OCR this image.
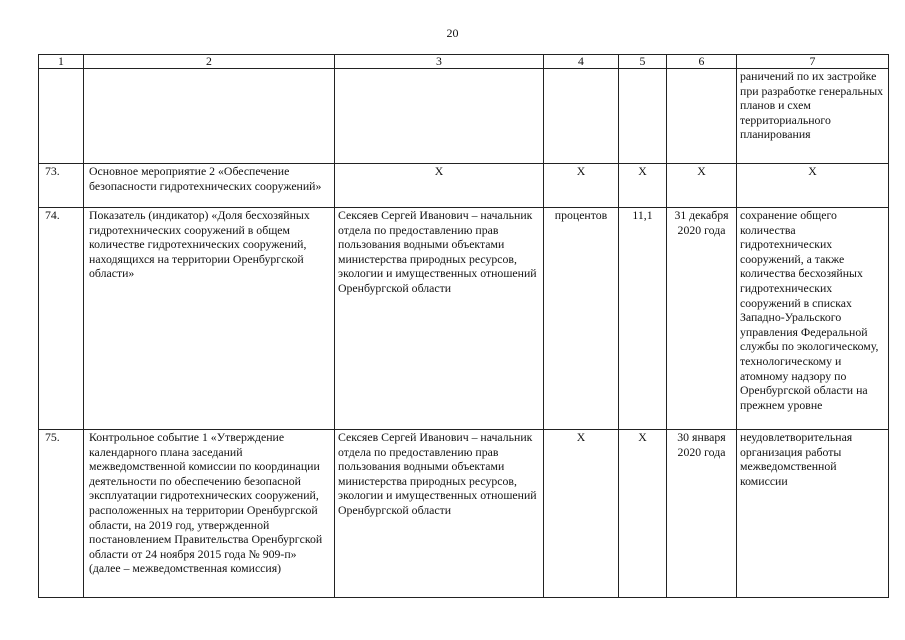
20
1	2	3	4	5	6	7
						раничений по их застройке при разработке генеральных планов и схем территориального планирования
73.	Основное мероприятие 2 «Обеспечение безопасности гидротехнических сооружений»	Х	Х	Х	Х	Х
74.	Показатель (индикатор) «Доля бесхозяйных гидротехнических сооружений в общем количестве гидротехнических сооружений, находящихся на территории Оренбургской области»	Сексяев Сергей Иванович – начальник отдела по предоставлению прав пользования водными объектами министерства природных ресурсов, экологии и имущественных отношений Оренбургской области	процентов	11,1	31 декабря 2020 года	сохранение общего количества гидротехнических сооружений, а также количества бесхозяйных гидротехнических сооружений в списках Западно-Уральского управления Федеральной службы по экологическому, технологическому и атомному надзору по Оренбургской области на прежнем уровне
75.	Контрольное событие 1 «Утверждение календарного плана заседаний межведомственной комиссии по координации деятельности по обеспечению безопасной эксплуатации гидротехнических сооружений, расположенных на территории Оренбургской области, на 2019 год, утвержденной постановлением Правительства Оренбургской области от 24 ноября 2015 года № 909-п» (далее – межведомственная комиссия)	Сексяев Сергей Иванович – начальник отдела по предоставлению прав пользования водными объектами министерства природных ресурсов, экологии и имущественных отношений Оренбургской области	Х	Х	30 января 2020 года	неудовлетворительная организация работы межведомственной комиссии
